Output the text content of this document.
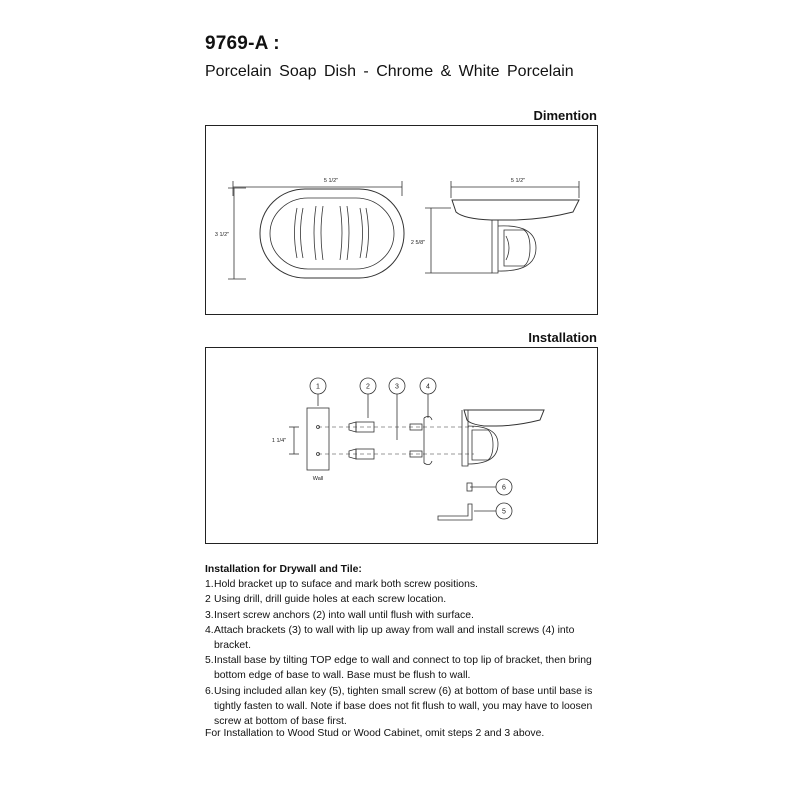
9769-A :
Porcelain Soap Dish - Chrome & White Porcelain
Dimention
5 1/2"
3 1/2"
5 1/2"
2 5/8"
Installation
1	2	3	4
5
6
1 1/4"
Wall
Installation for Drywall and Tile:
1. Hold bracket up to suface and mark both screw positions.
2 Using drill, drill guide holes at each screw location.
3. Insert screw anchors (2) into wall until flush with surface.
4. Attach brackets (3) to wall with lip up away from wall and install screws (4) into bracket.
5. Install base by tilting TOP edge to wall and connect to top lip of bracket, then bring bottom edge of base to wall. Base must be flush to wall.
6. Using included allan key (5), tighten small screw (6) at bottom of base until base is tightly fasten to wall. Note if base does not fit flush to wall, you may have to loosen screw at bottom of base first.
For Installation to Wood Stud or Wood Cabinet, omit steps 2 and 3 above.
